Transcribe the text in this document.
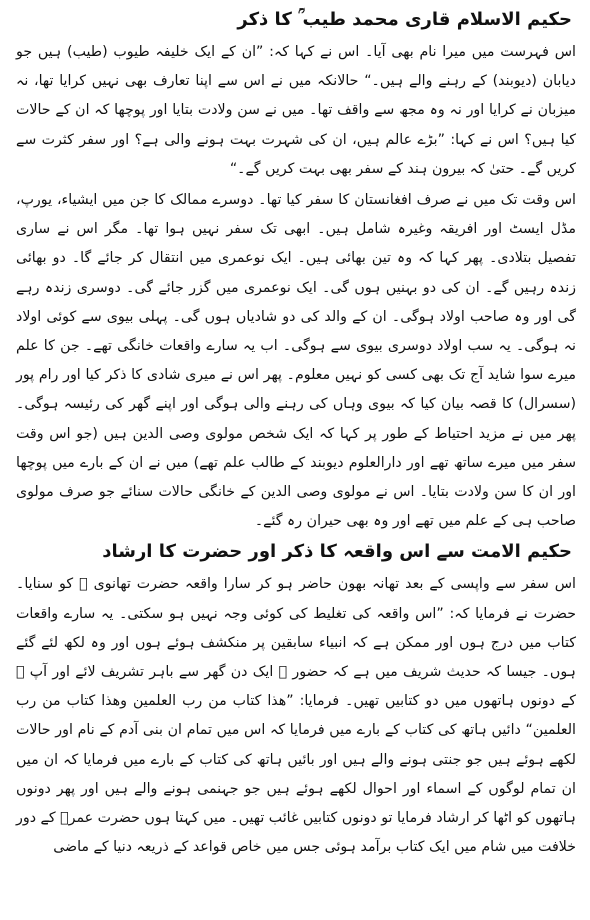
حکیم الاسلام قاری محمد طیب ؒ کا ذکر

اس فہرست میں میرا نام بھی آیا۔ اس نے کہا کہ: ”ان کے ایک خلیفہ طیوب (طیب) ہیں جو دیابان (دیوبند) کے رہنے والے ہیں۔“ حالانکہ میں نے اس سے اپنا تعارف بھی نہیں کرایا تھا، نہ میزبان نے کرایا اور نہ وہ مجھ سے واقف تھا۔ میں نے سن ولادت بتایا اور پوچھا کہ ان کے حالات کیا ہیں؟ اس نے کہا: ”بڑے عالم ہیں، ان کی شہرت بہت ہونے والی ہے؟ اور سفر کثرت سے کریں گے۔ حتیٰ کہ بیرون ہند کے سفر بھی بہت کریں گے۔“

اس وقت تک میں نے صرف افغانستان کا سفر کیا تھا۔ دوسرے ممالک کا جن میں ایشیاء، یورپ، مڈل ایسٹ اور افریقہ وغیرہ شامل ہیں۔ ابھی تک سفر نہیں ہوا تھا۔ مگر اس نے ساری تفصیل بتلادی۔ پھر کہا کہ وہ تین بھائی ہیں۔ ایک نوعمری میں انتقال کر جائے گا۔ دو بھائی زندہ رہیں گے۔ ان کی دو بہنیں ہوں گی۔ ایک نوعمری میں گزر جائے گی۔ دوسری زندہ رہے گی اور وہ صاحب اولاد ہوگی۔ ان کے والد کی دو شادیاں ہوں گی۔ پہلی بیوی سے کوئی اولاد نہ ہوگی۔ یہ سب اولاد دوسری بیوی سے ہوگی۔ اب یہ سارے واقعات خانگی تھے۔ جن کا علم میرے سوا شاید آج تک بھی کسی کو نہیں معلوم۔ پھر اس نے میری شادی کا ذکر کیا اور رام پور (سسرال) کا قصہ بیان کیا کہ بیوی وہاں کی رہنے والی ہوگی اور اپنے گھر کی رئیسہ ہوگی۔ پھر میں نے مزید احتیاط کے طور پر کہا کہ ایک شخص مولوی وصی الدین ہیں (جو اس وقت سفر میں میرے ساتھ تھے اور دارالعلوم دیوبند کے طالب علم تھے) میں نے ان کے بارے میں پوچھا اور ان کا سن ولادت بتایا۔ اس نے مولوی وصی الدین کے خانگی حالات سنائے جو صرف مولوی صاحب ہی کے علم میں تھے اور وہ بھی حیران رہ گئے۔

حکیم الامت سے اس واقعہ کا ذکر اور حضرت کا ارشاد

اس سفر سے واپسی کے بعد تھانہ بھون حاضر ہو کر سارا واقعہ حضرت تھانوی ؒ کو سنایا۔ حضرت نے فرمایا کہ: ”اس واقعہ کی تغلیط کی کوئی وجہ نہیں ہو سکتی۔ یہ سارے واقعات کتاب میں درج ہوں اور ممکن ہے کہ انبیاء سابقین پر منکشف ہوئے ہوں اور وہ لکھ لئے گئے ہوں۔ جیسا کہ حدیث شریف میں ہے کہ حضور ﷺ ایک دن گھر سے باہر تشریف لائے اور آپ ﷺ کے دونوں ہاتھوں میں دو کتابیں تھیں۔ فرمایا: ”ھذا کتاب من رب العلمین وھذا کتاب من رب العلمین“ دائیں ہاتھ کی کتاب کے بارے میں فرمایا کہ اس میں تمام ان بنی آدم کے نام اور حالات لکھے ہوئے ہیں جو جنتی ہونے والے ہیں اور بائیں ہاتھ کی کتاب کے بارے میں فرمایا کہ ان میں ان تمام لوگوں کے اسماء اور احوال لکھے ہوئے ہیں جو جہنمی ہونے والے ہیں اور پھر دونوں ہاتھوں کو اٹھا کر ارشاد فرمایا تو دونوں کتابیں غائب تھیں۔ میں کہتا ہوں حضرت عمرؓ کے دور خلافت میں شام میں ایک کتاب برآمد ہوئی جس میں خاص قواعد کے ذریعہ دنیا کے ماضی
